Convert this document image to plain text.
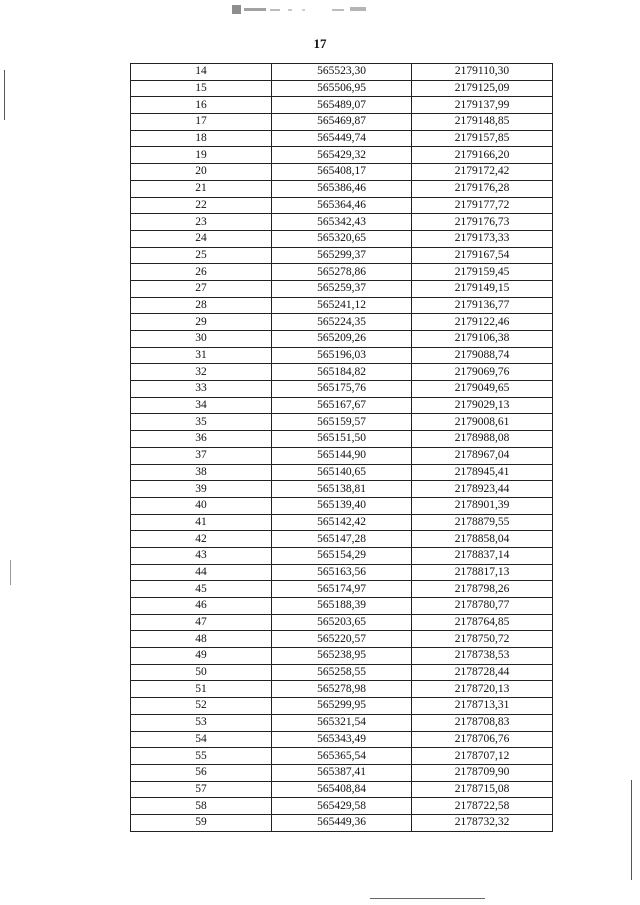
17
14	565523,30	2179110,30
15	565506,95	2179125,09
16	565489,07	2179137,99
17	565469,87	2179148,85
18	565449,74	2179157,85
19	565429,32	2179166,20
20	565408,17	2179172,42
21	565386,46	2179176,28
22	565364,46	2179177,72
23	565342,43	2179176,73
24	565320,65	2179173,33
25	565299,37	2179167,54
26	565278,86	2179159,45
27	565259,37	2179149,15
28	565241,12	2179136,77
29	565224,35	2179122,46
30	565209,26	2179106,38
31	565196,03	2179088,74
32	565184,82	2179069,76
33	565175,76	2179049,65
34	565167,67	2179029,13
35	565159,57	2179008,61
36	565151,50	2178988,08
37	565144,90	2178967,04
38	565140,65	2178945,41
39	565138,81	2178923,44
40	565139,40	2178901,39
41	565142,42	2178879,55
42	565147,28	2178858,04
43	565154,29	2178837,14
44	565163,56	2178817,13
45	565174,97	2178798,26
46	565188,39	2178780,77
47	565203,65	2178764,85
48	565220,57	2178750,72
49	565238,95	2178738,53
50	565258,55	2178728,44
51	565278,98	2178720,13
52	565299,95	2178713,31
53	565321,54	2178708,83
54	565343,49	2178706,76
55	565365,54	2178707,12
56	565387,41	2178709,90
57	565408,84	2178715,08
58	565429,58	2178722,58
59	565449,36	2178732,32
